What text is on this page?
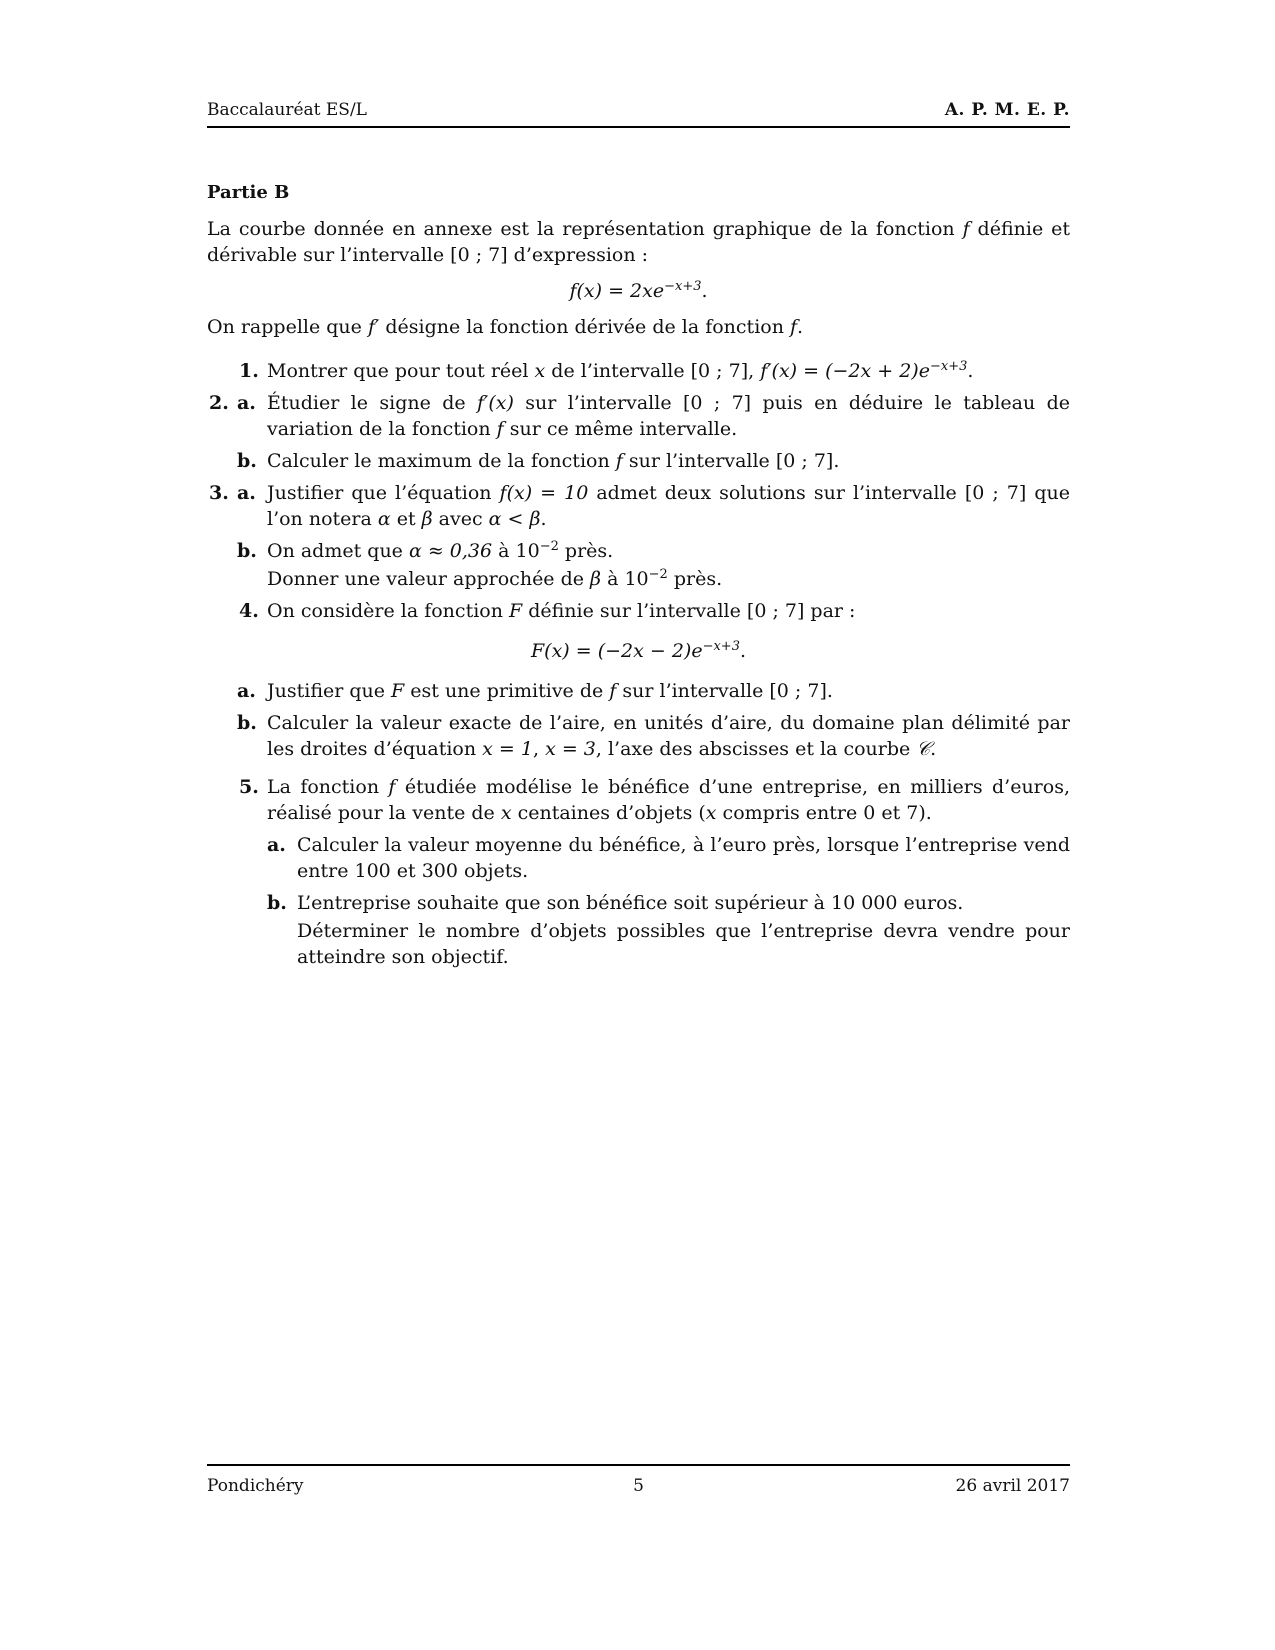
Baccalauréat ES/L	A. P. M. E. P.

Partie B

La courbe donnée en annexe est la représentation graphique de la fonction f définie et dérivable sur l’intervalle [0 ; 7] d’expression :

$f(x) = 2xe^{-x+3}$.

On rappelle que f′ désigne la fonction dérivée de la fonction f.

1. Montrer que pour tout réel x de l’intervalle [0 ; 7], $f'(x) = (-2x + 2)e^{-x+3}$.

2. a. Étudier le signe de f′(x) sur l’intervalle [0 ; 7] puis en déduire le tableau de variation de la fonction f sur ce même intervalle.

b. Calculer le maximum de la fonction f sur l’intervalle [0 ; 7].

3. a. Justifier que l’équation f(x) = 10 admet deux solutions sur l’intervalle [0 ; 7] que l’on notera α et β avec α < β.

b. On admet que α ≈ 0,36 à $10^{-2}$ près.

Donner une valeur approchée de β à $10^{-2}$ près.

4. On considère la fonction F définie sur l’intervalle [0 ; 7] par :

$F(x) = (-2x - 2)e^{-x+3}$.

a. Justifier que F est une primitive de f sur l’intervalle [0 ; 7].

b. Calculer la valeur exacte de l’aire, en unités d’aire, du domaine plan délimité par les droites d’équation x = 1, x = 3, l’axe des abscisses et la courbe 𝒞.

5. La fonction f étudiée modélise le bénéfice d’une entreprise, en milliers d’euros, réalisé pour la vente de x centaines d’objets (x compris entre 0 et 7).

a. Calculer la valeur moyenne du bénéfice, à l’euro près, lorsque l’entreprise vend entre 100 et 300 objets.

b. L’entreprise souhaite que son bénéfice soit supérieur à 10 000 euros.

Déterminer le nombre d’objets possibles que l’entreprise devra vendre pour atteindre son objectif.

Pondichéry	5	26 avril 2017
